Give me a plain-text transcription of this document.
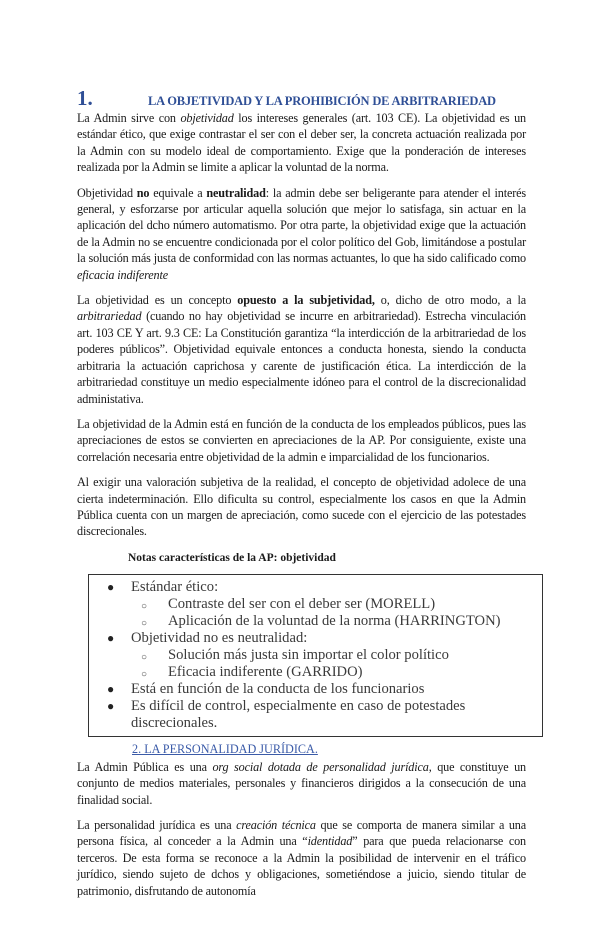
1.	LA OBJETIVIDAD Y LA PROHIBICIÓN DE ARBITRARIEDAD

La Admin sirve con objetividad los intereses generales (art. 103 CE). La objetividad es un estándar ético, que exige contrastar el ser con el deber ser, la concreta actuación realizada por la Admin con su modelo ideal de comportamiento. Exige que la ponderación de intereses realizada por la Admin se limite a aplicar la voluntad de la norma.

Objetividad no equivale a neutralidad: la admin debe ser beligerante para atender el interés general, y esforzarse por articular aquella solución que mejor lo satisfaga, sin actuar en la aplicación del dcho número automatismo. Por otra parte, la objetividad exige que la actuación de la Admin no se encuentre condicionada por el color político del Gob, limitándose a postular la solución más justa de conformidad con las normas actuantes, lo que ha sido calificado como eficacia indiferente

La objetividad es un concepto opuesto a la subjetividad, o, dicho de otro modo, a la arbitrariedad (cuando no hay objetividad se incurre en arbitrariedad). Estrecha vinculación art. 103 CE Y art. 9.3 CE: La Constitución garantiza “la interdicción de la arbitrariedad de los poderes públicos”. Objetividad equivale entonces a conducta honesta, siendo la conducta arbitraria la actuación caprichosa y carente de justificación ética. La interdicción de la arbitrariedad constituye un medio especialmente idóneo para el control de la discrecionalidad administativa.

La objetividad de la Admin está en función de la conducta de los empleados públicos, pues las apreciaciones de estos se convierten en apreciaciones de la AP. Por consiguiente, existe una correlación necesaria entre objetividad de la admin e imparcialidad de los funcionarios.

Al exigir una valoración subjetiva de la realidad, el concepto de objetividad adolece de una cierta indeterminación. Ello dificulta su control, especialmente los casos en que la Admin Pública cuenta con un margen de apreciación, como sucede con el ejercicio de las potestades discrecionales.

Notas características de la AP: objetividad
● Estándar ético:
○ Contraste del ser con el deber ser (MORELL)
○ Aplicación de la voluntad de la norma (HARRINGTON)
● Objetividad no es neutralidad:
○ Solución más justa sin importar el color político
○ Eficacia indiferente (GARRIDO)
● Está en función de la conducta de los funcionarios
● Es difícil de control, especialmente en caso de potestades discrecionales.
2. LA PERSONALIDAD JURÍDICA.

La Admin Pública es una org social dotada de personalidad jurídica, que constituye un conjunto de medios materiales, personales y financieros dirigidos a la consecución de una finalidad social.

La personalidad jurídica es una creación técnica que se comporta de manera similar a una persona física, al conceder a la Admin una “identidad” para que pueda relacionarse con terceros. De esta forma se reconoce a la Admin la posibilidad de intervenir en el tráfico jurídico, siendo sujeto de dchos y obligaciones, sometiéndose a juicio, siendo titular de patrimonio, disfrutando de autonomía
